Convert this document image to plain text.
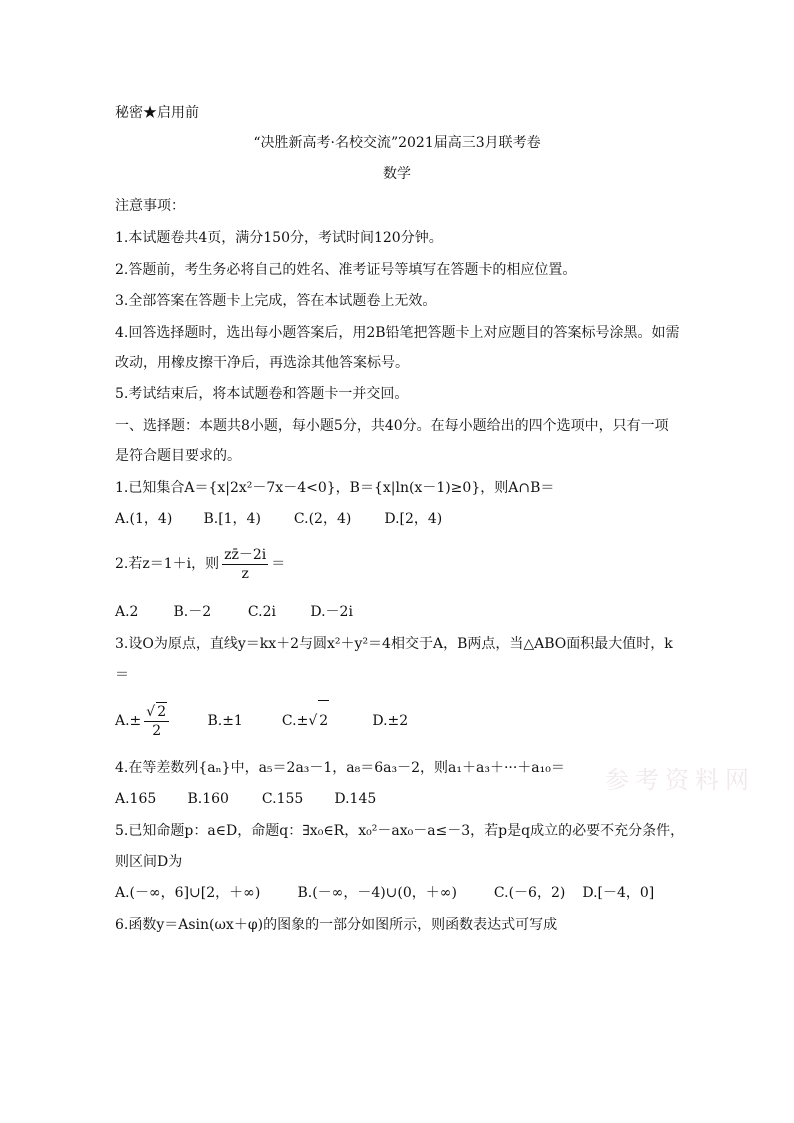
秘密★启用前
“决胜新高考·名校交流”2021届高三3月联考卷
数学
注意事项：
1.本试题卷共4页，满分150分，考试时间120分钟。
2.答题前，考生务必将自己的姓名、准考证号等填写在答题卡的相应位置。
3.全部答案在答题卡上完成，答在本试题卷上无效。
4.回答选择题时，选出每小题答案后，用2B铅笔把答题卡上对应题目的答案标号涂黑。如需
改动，用橡皮擦干净后，再选涂其他答案标号。
5.考试结束后，将本试题卷和答题卡一并交回。
一、选择题：本题共8小题，每小题5分，共40分。在每小题给出的四个选项中，只有一项
是符合题目要求的。
1.已知集合A＝{x|2x²－7x－4<0}，B＝{x|ln(x－1)≥0}，则A∩B＝
A.(1，4) B.[1，4) C.(2，4) D.[2，4)
2.若z＝1＋i，则 $\frac{zz̄-2i}{z}$ ＝
A.2 B.－2	C.2i D.－2i
3.设O为原点，直线y＝kx＋2与圆x²＋y²＝4相交于A，B两点，当△ABO面积最大值时，k
＝
$A.\pm \frac{√ 2}{2}$	B.±1	C.±√ 2	D.±2
4.在等差数列{aₙ}中，a₅＝2a₃－1，a₈＝6a₃－2，则a₁＋a₃＋···＋a₁₀＝
A.165 B.160 C.155 D.145
参考资料网
5.已知命题p：a∈D，命题q：∃x₀∈R，x₀²－ax₀－a≤－3，若p是q成立的必要不充分条件，
则区间D为
A.(－∞，6]∪[2，＋∞)	B.(－∞，－4)∪(0，＋∞)	C.(－6，2) D.[－4，0]
6.函数y＝Asin(ωx＋φ)的图象的一部分如图所示，则函数表达式可写成
